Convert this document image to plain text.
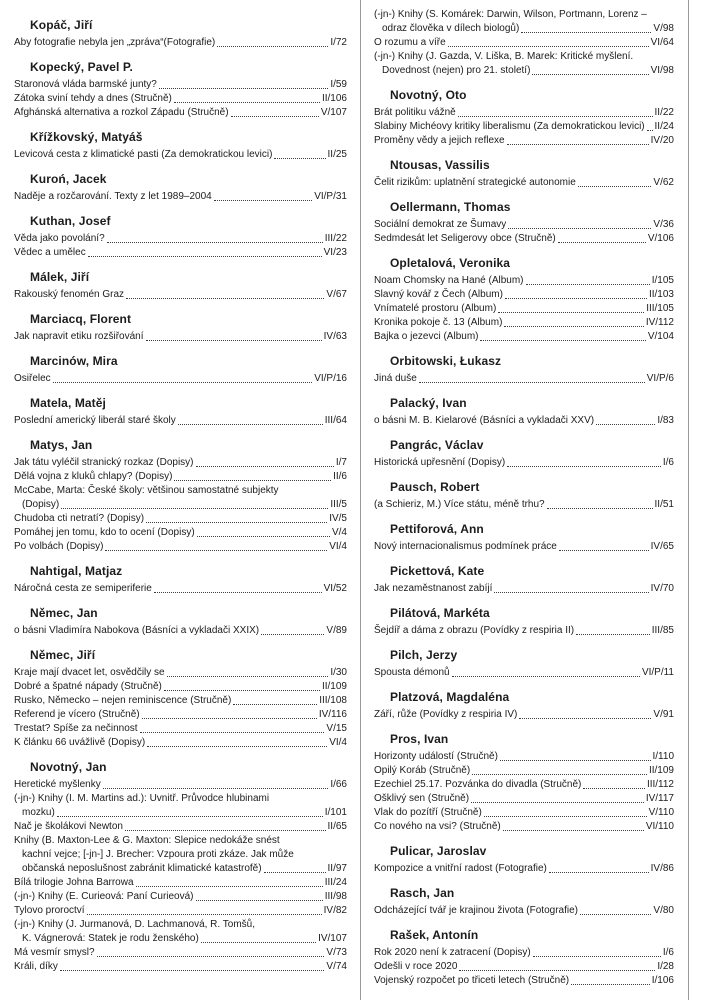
Kopáč, Jiří
Aby fotografie nebyla jen „zpráva“(Fotografie)	I/72
Kopecký, Pavel P.
Staronová vláda barmské junty?	I/59
Zátoka sviní tehdy a dnes (Stručně)	II/106
Afghánská alternativa a rozkol Západu (Stručně)	V/107
Křížkovský, Matyáš
Levicová cesta z klimatické pasti (Za demokratickou levici)	II/25
Kuroń, Jacek
Naděje a rozčarování. Texty z let 1989–2004	VI/P/31
Kuthan, Josef
Věda jako povolání?	III/22
Vědec a umělec	VI/23
Málek, Jiří
Rakouský fenomén Graz	V/67
Marciacq, Florent
Jak napravit etiku rozšiřování	IV/63
Marcinów, Mira
Osiřelec	VI/P/16
Matela, Matěj
Poslední americký liberál staré školy	III/64
Matys, Jan
Jak tátu vyléčil stranický rozkaz (Dopisy)	I/7
Dělá vojna z kluků chlapy? (Dopisy)	II/6
McCabe, Marta: České školy: většinou samostatné subjekty
(Dopisy)	III/5
Chudoba cti netratí? (Dopisy)	IV/5
Pomáhej jen tomu, kdo to ocení (Dopisy)	V/4
Po volbách (Dopisy)	VI/4
Nahtigal, Matjaz
Náročná cesta ze semiperiferie	VI/52
Němec, Jan
o básni Vladimíra Nabokova (Básníci a vykladači XXIX)	V/89
Němec, Jiří
Kraje mají dvacet let, osvědčily se	I/30
Dobré a špatné nápady (Stručně)	II/109
Rusko, Německo – nejen reminiscence (Stručně)	III/108
Referend je vícero (Stručně)	IV/116
Trestat? Spíše za nečinnost	V/15
K článku 66 uvážlivě (Dopisy)	VI/4
Novotný, Jan
Heretické myšlenky	I/66
(-jn-) Knihy (I. M. Martins ad.): Uvnitř. Průvodce hlubinami
mozku)	I/101
Nač je školákovi Newton	II/65
Knihy (B. Maxton-Lee & G. Maxton: Slepice nedokáže snést
kachní vejce; [-jn-] J. Brecher: Vzpoura proti zkáze. Jak může
občanská neposlušnost zabránit klimatické katastrofě)	II/97
Bílá trilogie Johna Barrowa	III/24
(-jn-) Knihy (E. Curieová: Paní Curieová)	III/98
Tylovo proroctví	IV/82
(-jn-) Knihy (J. Jurmanová, D. Lachmanová, R. Tomšů,
K. Vágnerová: Statek je rodu ženského)	IV/107
Má vesmír smysl?	V/73
Králi, díky	V/74
(-jn-) Knihy (S. Komárek: Darwin, Wilson, Portmann, Lorenz –
odraz člověka v dílech biologů)	V/98
O rozumu a víře	VI/64
(-jn-) Knihy (J. Gazda, V. Liška, B. Marek: Kritické myšlení.
Dovednost (nejen) pro 21. století)	VI/98
Novotný, Oto
Brát politiku vážně	II/22
Slabiny Michéovy kritiky liberalismu (Za demokratickou levici) II/24
Proměny vědy a jejich reflexe	IV/20
Ntousas, Vassilis
Čelit rizikům: uplatnění strategické autonomie	V/62
Oellermann, Thomas
Sociální demokrat ze Šumavy	V/36
Sedmdesát let Seligerovy obce (Stručně)	V/106
Opletalová, Veronika
Noam Chomsky na Hané (Album)	I/105
Slavný kovář z Čech (Album)	II/103
Vnímatelé prostoru (Album)	III/105
Kronika pokoje č. 13 (Album)	IV/112
Bajka o jezevci (Album)	V/104
Orbitowski, Łukasz
Jiná duše	VI/P/6
Palacký, Ivan
o básni M. B. Kielarové (Básníci a vykladači XXV)	I/83
Pangrác, Václav
Historická upřesnění (Dopisy)	I/6
Pausch, Robert
(a Schieriz, M.) Více státu, méně trhu?	II/51
Pettiforová, Ann
Nový internacionalismus podmínek práce	IV/65
Pickettová, Kate
Jak nezaměstnanost zabíjí	IV/70
Pilátová, Markéta
Šejdíř a dáma z obrazu (Povídky z respiria II)	III/85
Pilch, Jerzy
Spousta démonů	VI/P/11
Platzová, Magdaléna
Září, růže (Povídky z respiria IV)	V/91
Pros, Ivan
Horizonty událostí (Stručně)	I/110
Opilý Koráb (Stručně)	II/109
Ezechiel 25.17. Pozvánka do divadla (Stručně)	III/112
Ošklivý sen (Stručně)	IV/117
Vlak do pozítří (Stručně)	V/110
Co nového na vsi? (Stručně)	VI/110
Pulicar, Jaroslav
Kompozice a vnitřní radost (Fotografie)	IV/86
Rasch, Jan
Odcházející tvář je krajinou života (Fotografie)	V/80
Rašek, Antonín
Rok 2020 není k zatracení (Dopisy)	I/6
Odešli v roce 2020	I/28
Vojenský rozpočet po třiceti letech (Stručně)	I/106
